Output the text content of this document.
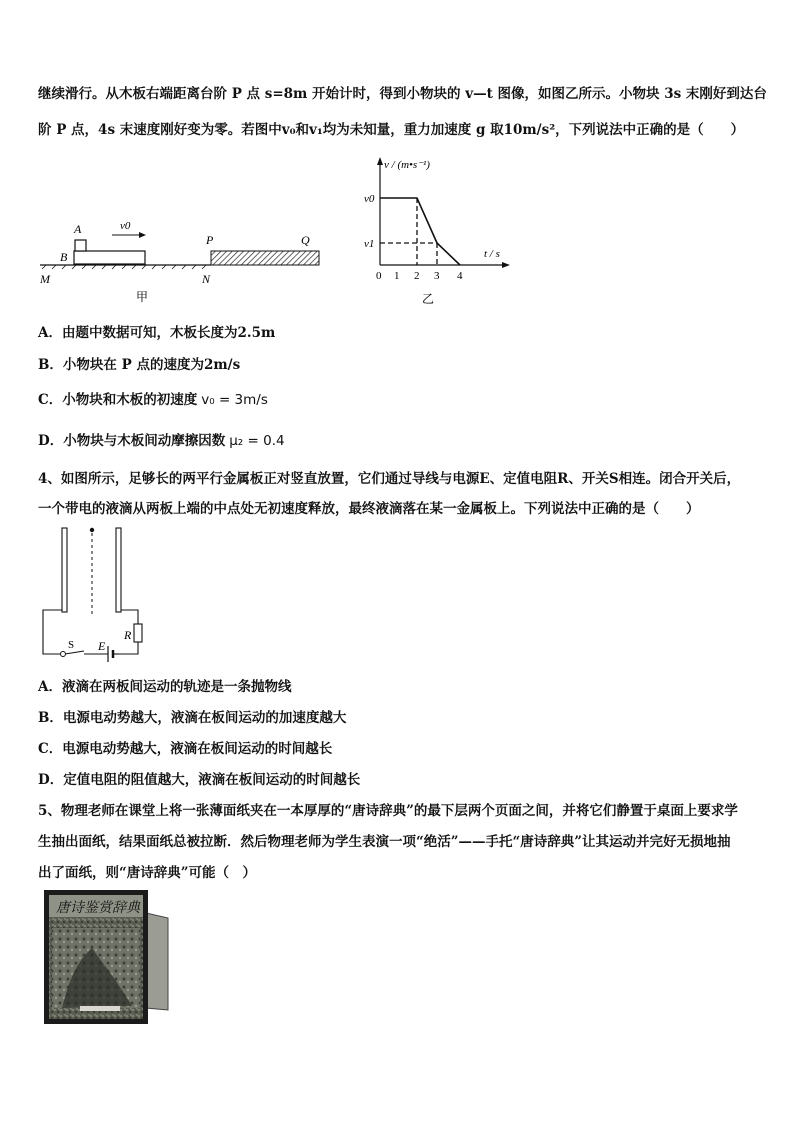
继续滑行。从木板右端距离台阶 P 点 s=8m 开始计时，得到小物块的 v—t 图像，如图乙所示。小物块 3s 末刚好到达台
阶 P 点，4s 末速度刚好变为零。若图中v₀和v₁均为未知量，重力加速度 g 取10m/s²，下列说法中正确的是（　　）
A
B
v0
P	Q
M	N
甲
v / (m•s⁻¹)
t / s
v0
v1
0 1 2 3 4
乙
A．由题中数据可知，木板长度为2.5m
B．小物块在 P 点的速度为2m/s
C．小物块和木板的初速度 v₀ = 3m/s
D．小物块与木板间动摩擦因数 μ₂ = 0.4
4、如图所示，足够长的两平行金属板正对竖直放置，它们通过导线与电源E、定值电阻R、开关S相连。闭合开关后，
一个带电的液滴从两板上端的中点处无初速度释放，最终液滴落在某一金属板上。下列说法中正确的是（　　）
S E
R
A．液滴在两板间运动的轨迹是一条抛物线
B．电源电动势越大，液滴在板间运动的加速度越大
C．电源电动势越大，液滴在板间运动的时间越长
D．定值电阻的阻值越大，液滴在板间运动的时间越长
5、物理老师在课堂上将一张薄面纸夹在一本厚厚的“唐诗辞典”的最下层两个页面之间，并将它们静置于桌面上要求学
生抽出面纸，结果面纸总被拉断．然后物理老师为学生表演一项“绝活”——手托“唐诗辞典”让其运动并完好无损地抽
出了面纸，则“唐诗辞典”可能（　）
唐诗鉴赏辞典
